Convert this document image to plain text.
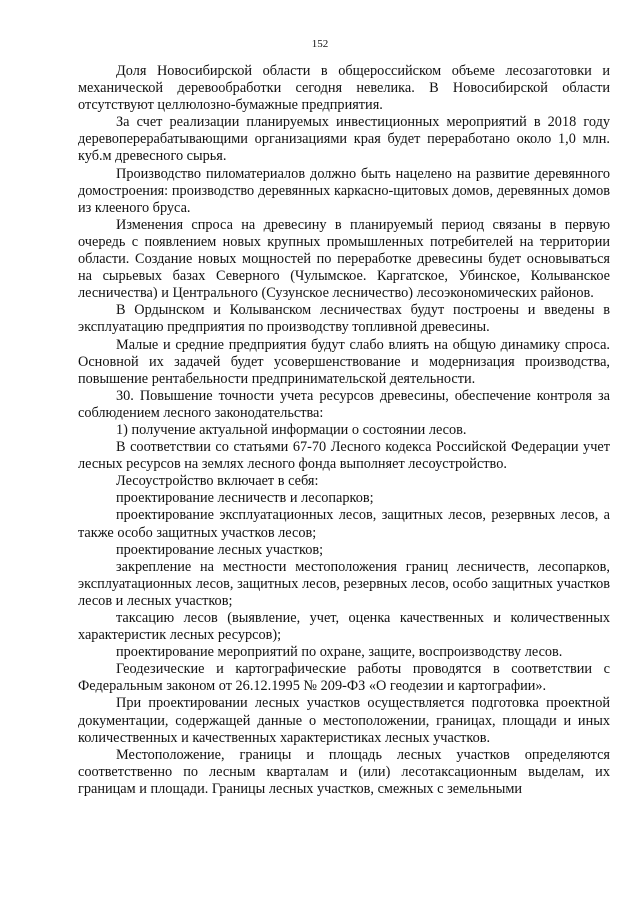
152

Доля Новосибирской области в общероссийском объеме лесозаготовки и механической деревообработки сегодня невелика. В Новосибирской области отсутствуют целлюлозно-бумажные предприятия.

За счет реализации планируемых инвестиционных мероприятий в 2018 году деревоперерабатывающими организациями края будет переработано около 1,0 млн. куб.м древесного сырья.

Производство пиломатериалов должно быть нацелено на развитие деревянного домостроения: производство деревянных каркасно-щитовых домов, деревянных домов из клееного бруса.

Изменения спроса на древесину в планируемый период связаны в первую очередь с появлением новых крупных промышленных потребителей на территории области. Создание новых мощностей по переработке древесины будет основываться на сырьевых базах Северного (Чулымское. Каргатское, Убинское, Колыванское лесничества) и Центрального (Сузунское лесничество) лесоэкономических районов.

В Ордынском и Колыванском лесничествах будут построены и введены в эксплуатацию предприятия по производству топливной древесины.

Малые и средние предприятия будут слабо влиять на общую динамику спроса. Основной их задачей будет усовершенствование и модернизация производства, повышение рентабельности предпринимательской деятельности.

30. Повышение точности учета ресурсов древесины, обеспечение контроля за соблюдением лесного законодательства:

1) получение актуальной информации о состоянии лесов.

В соответствии со статьями 67-70 Лесного кодекса Российской Федерации учет лесных ресурсов на землях лесного фонда выполняет лесоустройство.

Лесоустройство включает в себя:

проектирование лесничеств и лесопарков;

проектирование эксплуатационных лесов, защитных лесов, резервных лесов, а также особо защитных участков лесов;

проектирование лесных участков;

закрепление на местности местоположения границ лесничеств, лесопарков, эксплуатационных лесов, защитных лесов, резервных лесов, особо защитных участков лесов и лесных участков;

таксацию лесов (выявление, учет, оценка качественных и количественных характеристик лесных ресурсов);

проектирование мероприятий по охране, защите, воспроизводству лесов.

Геодезические и картографические работы проводятся в соответствии с Федеральным законом от 26.12.1995 № 209-ФЗ «О геодезии и картографии».

При проектировании лесных участков осуществляется подготовка проектной документации, содержащей данные о местоположении, границах, площади и иных количественных и качественных характеристиках лесных участков.

Местоположение, границы и площадь лесных участков определяются соответственно по лесным кварталам и (или) лесотаксационным выделам, их границам и площади. Границы лесных участков, смежных с земельными
